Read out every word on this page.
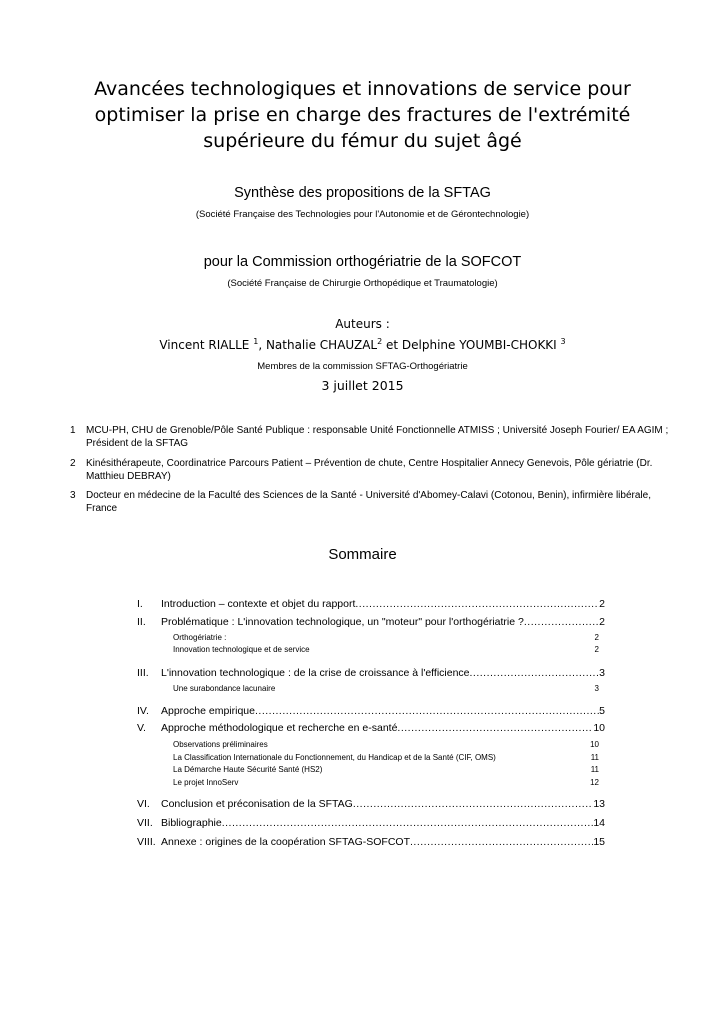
Avancées technologiques et innovations de service pour
optimiser la prise en charge des fractures de l'extrémité
supérieure du fémur du sujet âgé
Synthèse des propositions de la SFTAG
(Société Française des Technologies pour l'Autonomie et de Gérontechnologie)
pour la Commission orthogériatrie de la SOFCOT
(Société Française de Chirurgie Orthopédique et Traumatologie)
Auteurs :
Vincent RIALLE $^1$, Nathalie CHAUZAL$^2$ et Delphine YOUMBI-CHOKKI $^3$
Membres de la commission SFTAG-Orthogériatrie
3 juillet 2015
1	MCU-PH, CHU de Grenoble/Pôle Santé Publique : responsable Unité Fonctionnelle ATMISS ; Université Joseph Fourier/ EA AGIM ; Président de la SFTAG
2	Kinésithérapeute, Coordinatrice Parcours Patient – Prévention de chute, Centre Hospitalier Annecy Genevois, Pôle gériatrie (Dr. Matthieu DEBRAY)
3	Docteur en médecine de la Faculté des Sciences de la Santé - Université d'Abomey-Calavi (Cotonou, Benin), infirmière libérale, France
Sommaire
I.	Introduction – contexte et objet du rapport .....	2
II.	Problématique : L'innovation technologique, un "moteur" pour l'orthogériatrie ? .....	2
Orthogériatrie :	2
Innovation technologique et de service	2
III.	L'innovation technologique : de la crise de croissance à l'efficience .....	3
Une surabondance lacunaire	3
IV.	Approche empirique .....	5
V.	Approche méthodologique et recherche en e-santé .....	10
Observations préliminaires	10
La Classification Internationale du Fonctionnement, du Handicap et de la Santé (CIF, OMS)	11
La Démarche Haute Sécurité Santé (HS2)	11
Le projet InnoServ	12
VI.	Conclusion et préconisation de la SFTAG .....	13
VII. Bibliographie .....	14
VIII. Annexe : origines de la coopération SFTAG-SOFCOT .....	15
